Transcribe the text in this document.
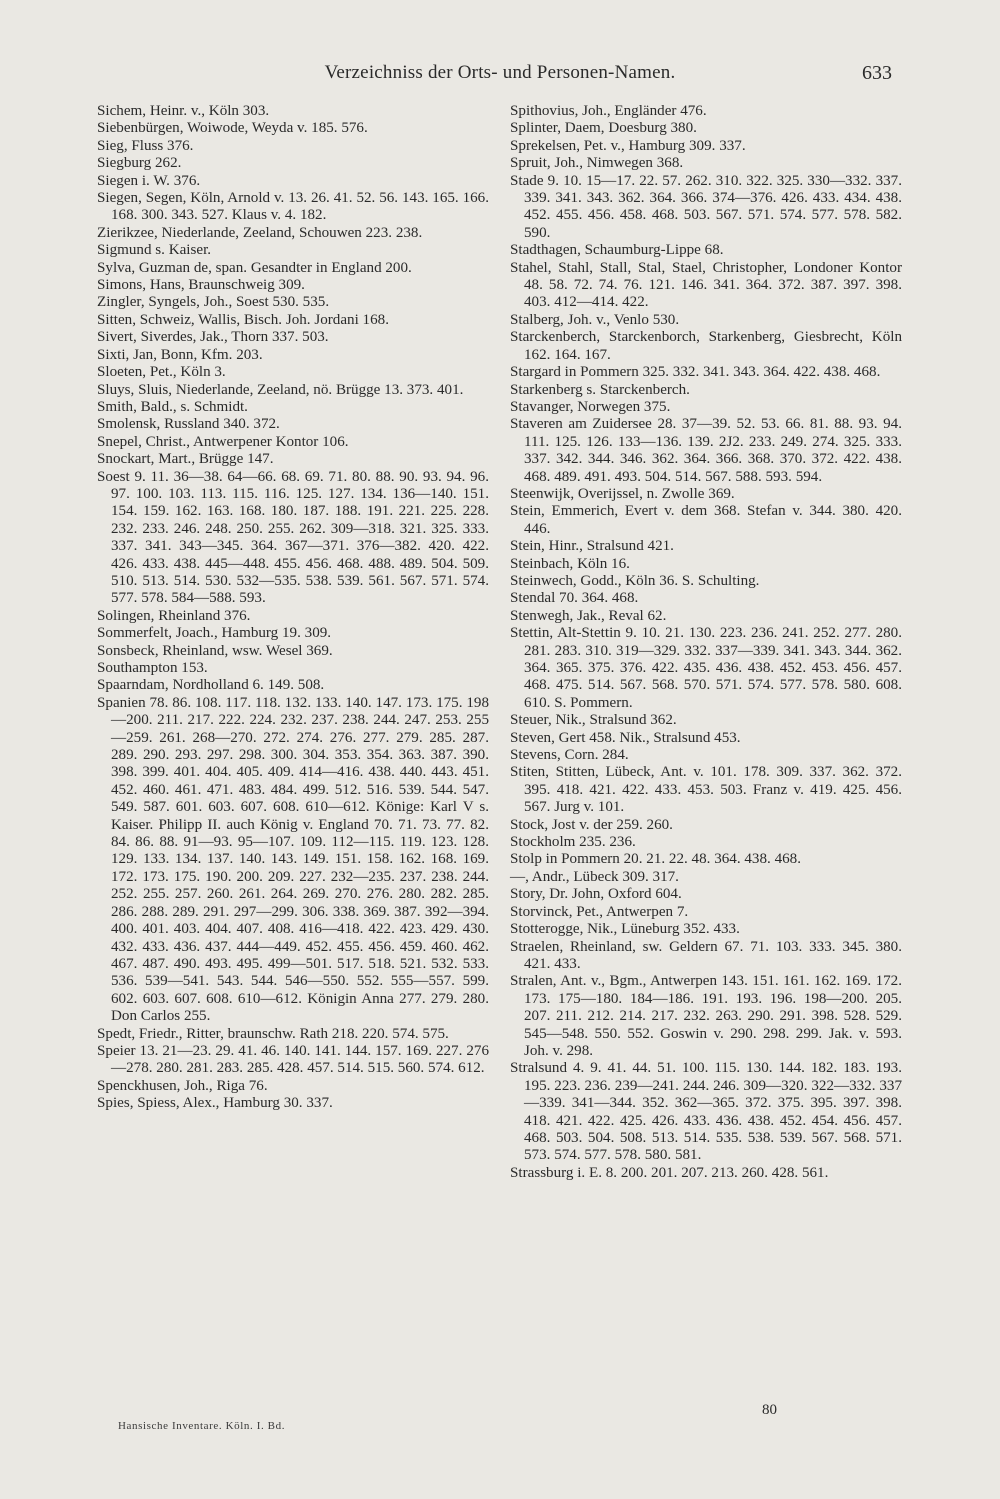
Verzeichniss der Orts- und Personen-Namen.	633

Sichem, Heinr. v., Köln 303.

Siebenbürgen, Woiwode, Weyda v. 185. 576.

Sieg, Fluss 376.

Siegburg 262.

Siegen i. W. 376.

Siegen, Segen, Köln, Arnold v. 13. 26. 41. 52. 56. 143. 165. 166. 168. 300. 343. 527. Klaus v. 4. 182.

Zierikzee, Niederlande, Zeeland, Schouwen 223. 238.

Sigmund s. Kaiser.

Sylva, Guzman de, span. Gesandter in England 200.

Simons, Hans, Braunschweig 309.

Zingler, Syngels, Joh., Soest 530. 535.

Sitten, Schweiz, Wallis, Bisch. Joh. Jordani 168.

Sivert, Siverdes, Jak., Thorn 337. 503.

Sixti, Jan, Bonn, Kfm. 203.

Sloeten, Pet., Köln 3.

Sluys, Sluis, Niederlande, Zeeland, nö. Brügge 13. 373. 401.

Smith, Bald., s. Schmidt.

Smolensk, Russland 340. 372.

Snepel, Christ., Antwerpener Kontor 106.

Snockart, Mart., Brügge 147.

Soest 9. 11. 36—38. 64—66. 68. 69. 71. 80. 88. 90. 93. 94. 96. 97. 100. 103. 113. 115. 116. 125. 127. 134. 136—140. 151. 154. 159. 162. 163. 168. 180. 187. 188. 191. 221. 225. 228. 232. 233. 246. 248. 250. 255. 262. 309—318. 321. 325. 333. 337. 341. 343—345. 364. 367—371. 376—382. 420. 422. 426. 433. 438. 445—448. 455. 456. 468. 488. 489. 504. 509. 510. 513. 514. 530. 532—535. 538. 539. 561. 567. 571. 574. 577. 578. 584—588. 593.

Solingen, Rheinland 376.

Sommerfelt, Joach., Hamburg 19. 309.

Sonsbeck, Rheinland, wsw. Wesel 369.

Southampton 153.

Spaarndam, Nordholland 6. 149. 508.

Spanien 78. 86. 108. 117. 118. 132. 133. 140. 147. 173. 175. 198—200. 211. 217. 222. 224. 232. 237. 238. 244. 247. 253. 255—259. 261. 268—270. 272. 274. 276. 277. 279. 285. 287. 289. 290. 293. 297. 298. 300. 304. 353. 354. 363. 387. 390. 398. 399. 401. 404. 405. 409. 414—416. 438. 440. 443. 451. 452. 460. 461. 471. 483. 484. 499. 512. 516. 539. 544. 547. 549. 587. 601. 603. 607. 608. 610—612. Könige: Karl V s. Kaiser. Philipp II. auch König v. England 70. 71. 73. 77. 82. 84. 86. 88. 91—93. 95—107. 109. 112—115. 119. 123. 128. 129. 133. 134. 137. 140. 143. 149. 151. 158. 162. 168. 169. 172. 173. 175. 190. 200. 209. 227. 232—235. 237. 238. 244. 252. 255. 257. 260. 261. 264. 269. 270. 276. 280. 282. 285. 286. 288. 289. 291. 297—299. 306. 338. 369. 387. 392—394. 400. 401. 403. 404. 407. 408. 416—418. 422. 423. 429. 430. 432. 433. 436. 437. 444—449. 452. 455. 456. 459. 460. 462. 467. 487. 490. 493. 495. 499—501. 517. 518. 521. 532. 533. 536. 539—541. 543. 544. 546—550. 552. 555—557. 599. 602. 603. 607. 608. 610—612. Königin Anna 277. 279. 280. Don Carlos 255.

Spedt, Friedr., Ritter, braunschw. Rath 218. 220. 574. 575.

Speier 13. 21—23. 29. 41. 46. 140. 141. 144. 157. 169. 227. 276—278. 280. 281. 283. 285. 428. 457. 514. 515. 560. 574. 612.

Spenckhusen, Joh., Riga 76.

Spies, Spiess, Alex., Hamburg 30. 337.

Spithovius, Joh., Engländer 476.

Splinter, Daem, Doesburg 380.

Sprekelsen, Pet. v., Hamburg 309. 337.

Spruit, Joh., Nimwegen 368.

Stade 9. 10. 15—17. 22. 57. 262. 310. 322. 325. 330—332. 337. 339. 341. 343. 362. 364. 366. 374—376. 426. 433. 434. 438. 452. 455. 456. 458. 468. 503. 567. 571. 574. 577. 578. 582. 590.

Stadthagen, Schaumburg-Lippe 68.

Stahel, Stahl, Stall, Stal, Stael, Christopher, Londoner Kontor 48. 58. 72. 74. 76. 121. 146. 341. 364. 372. 387. 397. 398. 403. 412—414. 422.

Stalberg, Joh. v., Venlo 530.

Starckenberch, Starckenborch, Starkenberg, Giesbrecht, Köln 162. 164. 167.

Stargard in Pommern 325. 332. 341. 343. 364. 422. 438. 468.

Starkenberg s. Starckenberch.

Stavanger, Norwegen 375.

Staveren am Zuidersee 28. 37—39. 52. 53. 66. 81. 88. 93. 94. 111. 125. 126. 133—136. 139. 2J2. 233. 249. 274. 325. 333. 337. 342. 344. 346. 362. 364. 366. 368. 370. 372. 422. 438. 468. 489. 491. 493. 504. 514. 567. 588. 593. 594.

Steenwijk, Overijssel, n. Zwolle 369.

Stein, Emmerich, Evert v. dem 368. Stefan v. 344. 380. 420. 446.

Stein, Hinr., Stralsund 421.

Steinbach, Köln 16.

Steinwech, Godd., Köln 36. S. Schulting.

Stendal 70. 364. 468.

Stenwegh, Jak., Reval 62.

Stettin, Alt-Stettin 9. 10. 21. 130. 223. 236. 241. 252. 277. 280. 281. 283. 310. 319—329. 332. 337—339. 341. 343. 344. 362. 364. 365. 375. 376. 422. 435. 436. 438. 452. 453. 456. 457. 468. 475. 514. 567. 568. 570. 571. 574. 577. 578. 580. 608. 610. S. Pommern.

Steuer, Nik., Stralsund 362.

Steven, Gert 458. Nik., Stralsund 453.

Stevens, Corn. 284.

Stiten, Stitten, Lübeck, Ant. v. 101. 178. 309. 337. 362. 372. 395. 418. 421. 422. 433. 453. 503. Franz v. 419. 425. 456. 567. Jurg v. 101.

Stock, Jost v. der 259. 260.

Stockholm 235. 236.

Stolp in Pommern 20. 21. 22. 48. 364. 438. 468.

—, Andr., Lübeck 309. 317.

Story, Dr. John, Oxford 604.

Storvinck, Pet., Antwerpen 7.

Stotterogge, Nik., Lüneburg 352. 433.

Straelen, Rheinland, sw. Geldern 67. 71. 103. 333. 345. 380. 421. 433.

Stralen, Ant. v., Bgm., Antwerpen 143. 151. 161. 162. 169. 172. 173. 175—180. 184—186. 191. 193. 196. 198—200. 205. 207. 211. 212. 214. 217. 232. 263. 290. 291. 398. 528. 529. 545—548. 550. 552. Goswin v. 290. 298. 299. Jak. v. 593. Joh. v. 298.

Stralsund 4. 9. 41. 44. 51. 100. 115. 130. 144. 182. 183. 193. 195. 223. 236. 239—241. 244. 246. 309—320. 322—332. 337—339. 341—344. 352. 362—365. 372. 375. 395. 397. 398. 418. 421. 422. 425. 426. 433. 436. 438. 452. 454. 456. 457. 468. 503. 504. 508. 513. 514. 535. 538. 539. 567. 568. 571. 573. 574. 577. 578. 580. 581.

Strassburg i. E. 8. 200. 201. 207. 213. 260. 428. 561.

Hansische Inventare. Köln. I. Bd.
80
